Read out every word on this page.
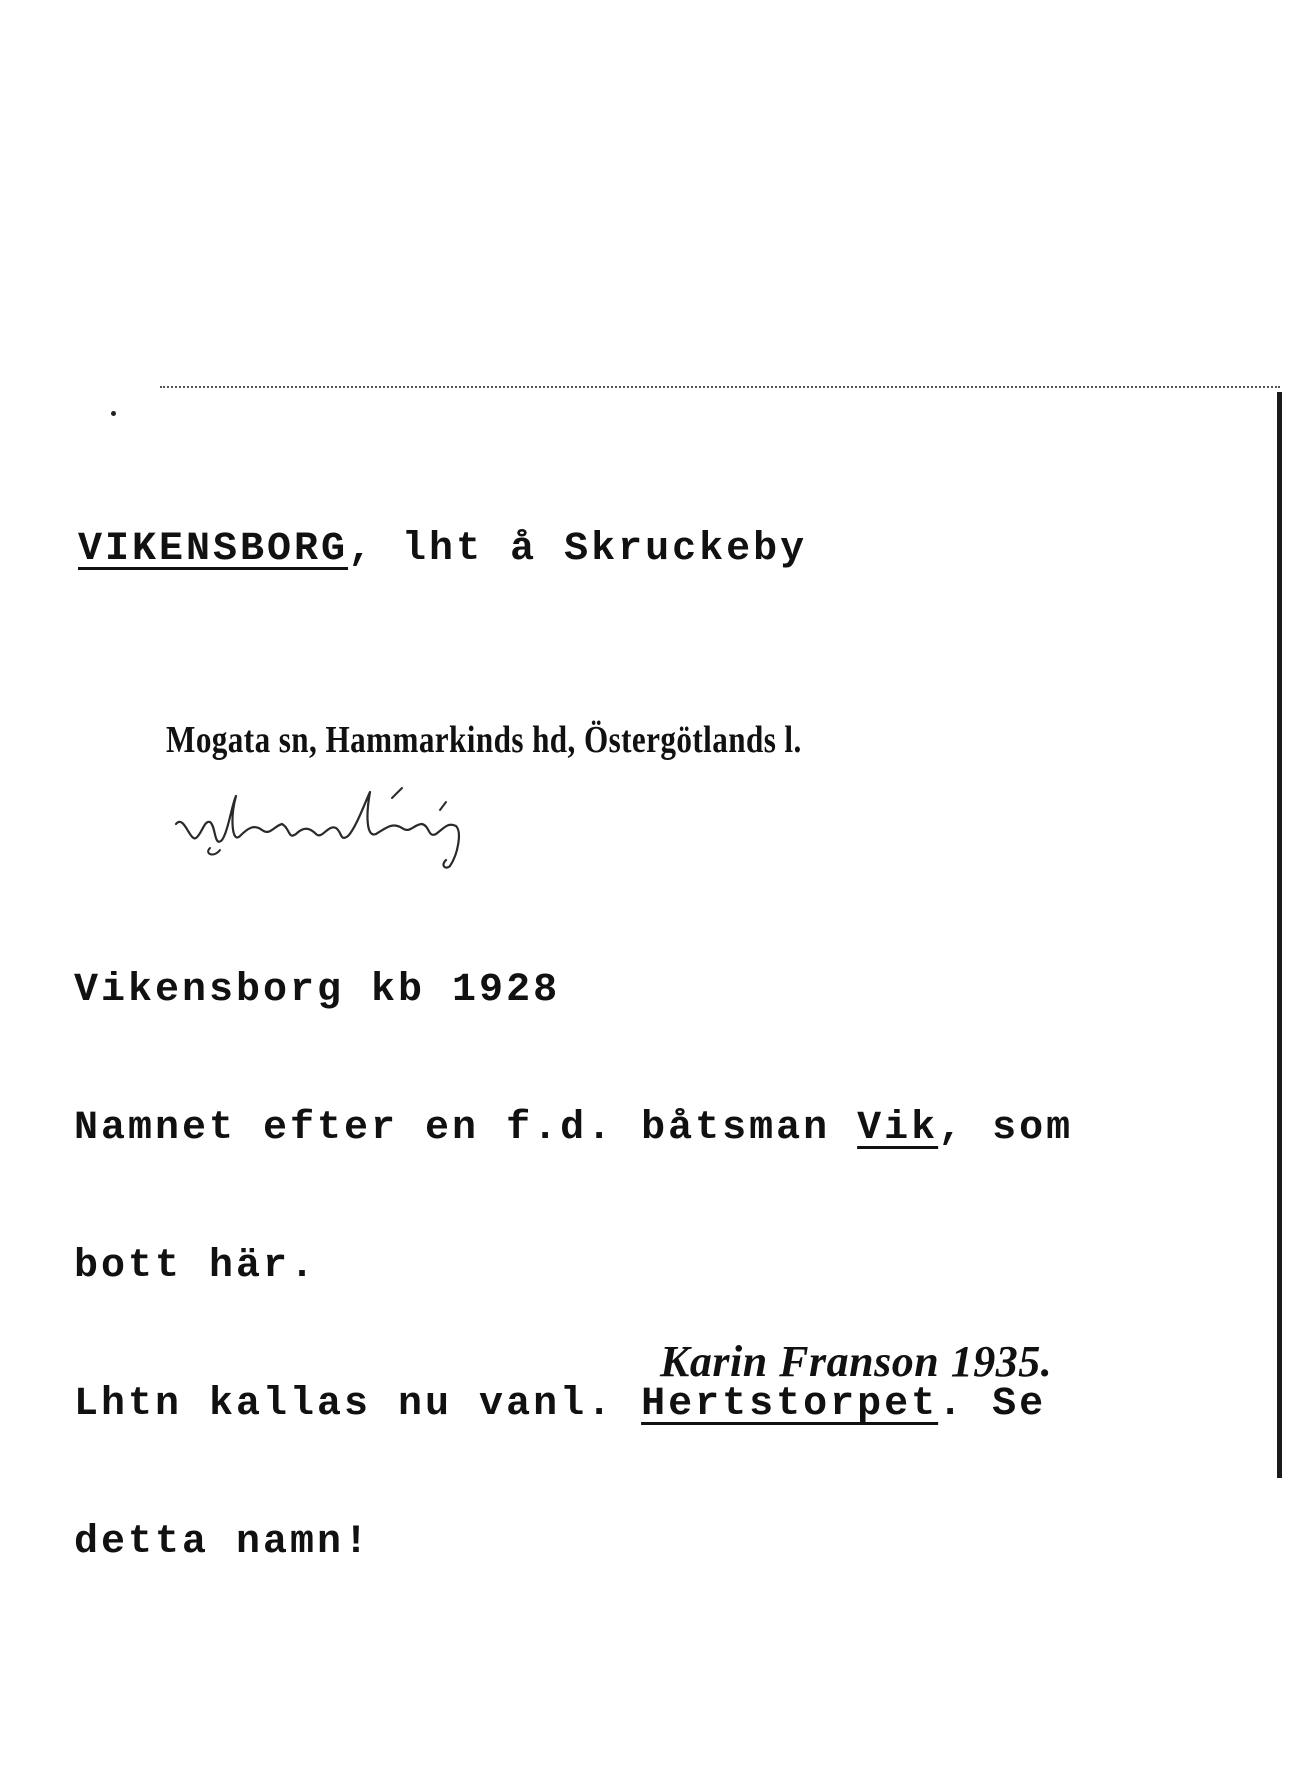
VIKENSBORG, lht å Skruckeby
Mogata sn, Hammarkinds hd, Östergötlands l.

Vikensborg kb 1928

Namnet efter en f.d. båtsman Vik, som

bott här.

Lhtn kallas nu vanl. Hertstorpet. Se

detta namn!

Karin Franson 1935.
